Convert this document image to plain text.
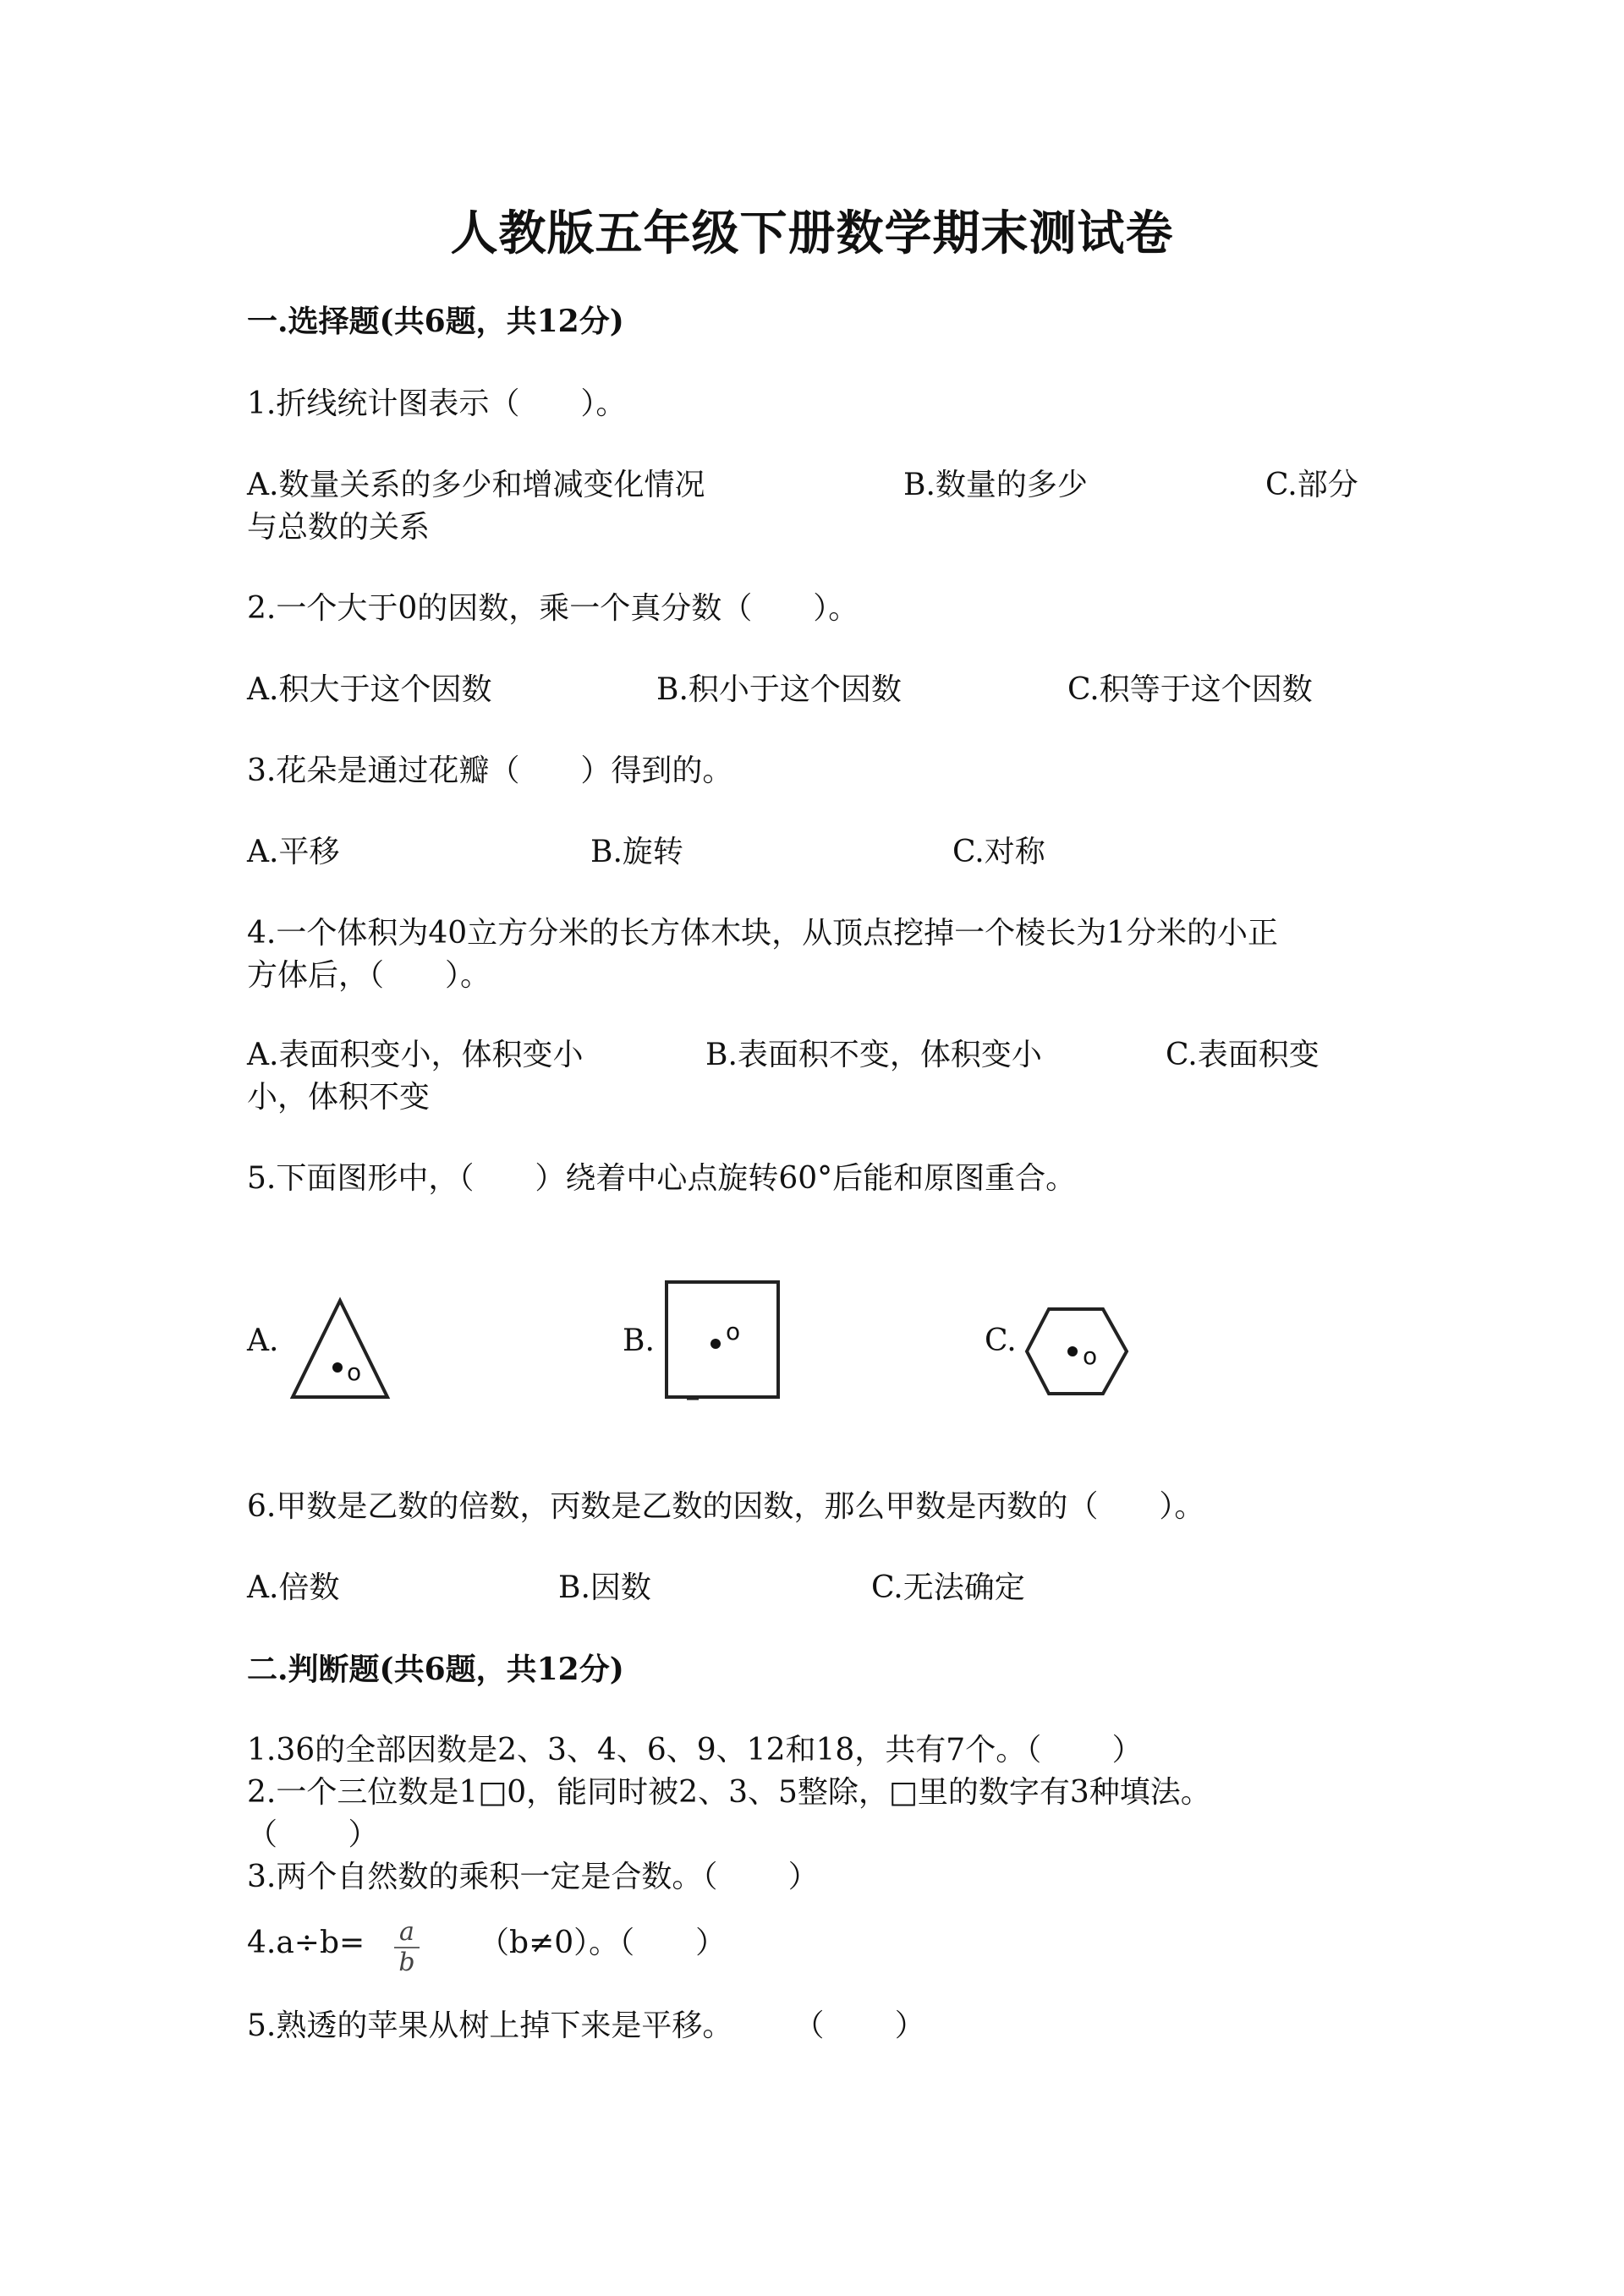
人教版五年级下册数学期末测试卷
一.选择题(共6题，共12分)
1.折线统计图表示（　　）。
A.数量关系的多少和增减变化情况	B.数量的多少	C.部分
与总数的关系
2.一个大于0的因数，乘一个真分数（　　）。
A.积大于这个因数	B.积小于这个因数	C.积等于这个因数
3.花朵是通过花瓣（　　）得到的。
A.平移	B.旋转	C.对称
4.一个体积为40立方分米的长方体木块，从顶点挖掉一个棱长为1分米的小正
方体后，（　　）。
A.表面积变小，体积变小	B.表面积不变，体积变小	C.表面积变
小，体积不变
5.下面图形中，（　　）绕着中心点旋转60°后能和原图重合。
A.
o
B.	o	C.	o
6.甲数是乙数的倍数，丙数是乙数的因数，那么甲数是丙数的（　　）。
A.倍数	B.因数	C.无法确定
二.判断题(共6题，共12分)
1.36的全部因数是2、3、4、6、9、12和18，共有7个。（　　 ）
2.一个三位数是1□0，能同时被2、3、5整除，□里的数字有3种填法。
（　　 ）
3.两个自然数的乘积一定是合数。（　　 ）
4.a÷b= a
b
（b≠0）。（　　）
5.熟透的苹果从树上掉下来是平移。　　　（　　 ）
